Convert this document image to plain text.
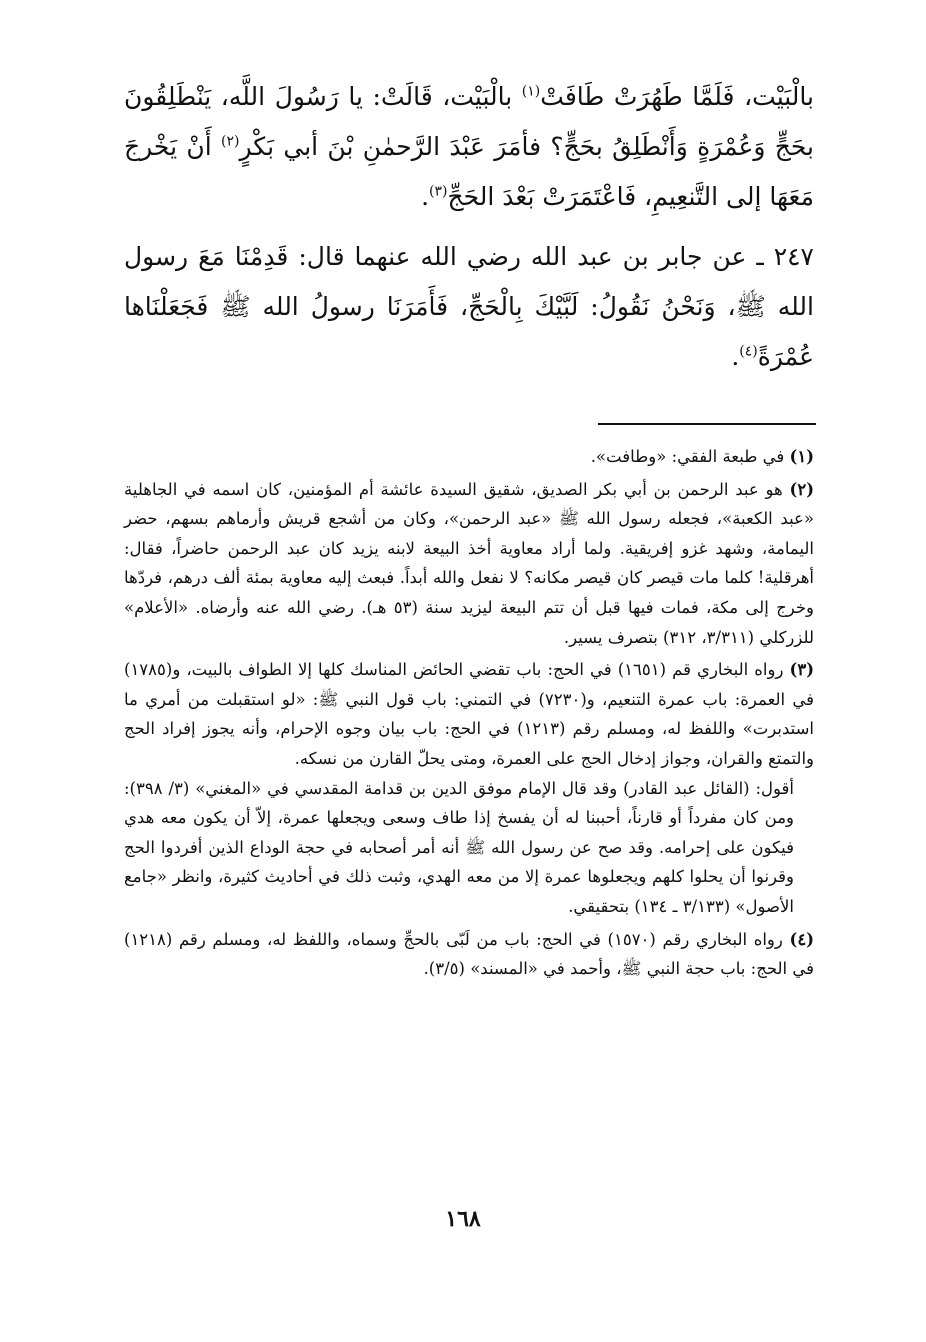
بالْبَيْت، فَلَمَّا طَهُرَتْ طَافَتْ$^{(١)}$ بالْبَيْت، قَالَتْ: يا رَسُولَ اللَّه، يَنْطَلِقُونَ بحَجٍّ وَعُمْرَةٍ وَأَنْطَلِقُ بحَجٍّ؟ فأمَرَ عَبْدَ الرَّحمٰنِ بْنَ أبي بَكْرٍ$^{(٢)}$ أَنْ يَخْرجَ مَعَهَا إلى التَّنعِيمِ، فَاعْتَمَرَتْ بَعْدَ الحَجِّ$^{(٣)}$.

٢٤٧ ـ عن جابر بن عبد الله رضي الله عنهما قال: قَدِمْنَا مَعَ رسول الله ﷺ، وَنَحْنُ نَقُولُ: لَبَّيْكَ بِالْحَجِّ، فَأَمَرَنَا رسولُ الله ﷺ فَجَعَلْنَاها عُمْرَةً$^{(٤)}$.

(١) في طبعة الفقي: «وطافت».

(٢) هو عبد الرحمن بن أبي بكر الصديق، شقيق السيدة عائشة أم المؤمنين، كان اسمه في الجاهلية «عبد الكعبة»، فجعله رسول الله ﷺ «عبد الرحمن»، وكان من أشجع قريش وأرماهم بسهم، حضر اليمامة، وشهد غزو إفريقية. ولما أراد معاوية أخذ البيعة لابنه يزيد كان عبد الرحمن حاضراً، فقال: أهرقلية! كلما مات قيصر كان قيصر مكانه؟ لا نفعل والله أبداً. فبعث إليه معاوية بمئة ألف درهم، فردّها وخرج إلى مكة، فمات فيها قبل أن تتم البيعة ليزيد سنة (٥٣ هـ). رضي الله عنه وأرضاه. «الأعلام» للزركلي (٣/٣١١، ٣١٢) بتصرف يسير.

(٣) رواه البخاري قم (١٦٥١) في الحج: باب تقضي الحائض المناسك كلها إلا الطواف بالبيت، و(١٧٨٥) في العمرة: باب عمرة التنعيم، و(٧٢٣٠) في التمني: باب قول النبي ﷺ: «لو استقبلت من أمري ما استدبرت» واللفظ له، ومسلم رقم (١٢١٣) في الحج: باب بيان وجوه الإحرام، وأنه يجوز إفراد الحج والتمتع والقران، وجواز إدخال الحج على العمرة، ومتى يحلّ القارن من نسكه.
أقول: (القائل عبد القادر) وقد قال الإمام موفق الدين بن قدامة المقدسي في «المغني» (٣/ ٣٩٨): ومن كان مفرداً أو قارناً، أحببنا له أن يفسخ إذا طاف وسعى ويجعلها عمرة، إلاّ أن يكون معه هدي فيكون على إحرامه. وقد صح عن رسول الله ﷺ أنه أمر أصحابه في حجة الوداع الذين أفردوا الحج وقرنوا أن يحلوا كلهم ويجعلوها عمرة إلا من معه الهدي، وثبت ذلك في أحاديث كثيرة، وانظر «جامع الأصول» (٣/١٣٣ ـ ١٣٤) بتحقيقي.

(٤) رواه البخاري رقم (١٥٧٠) في الحج: باب من لَبّى بالحجِّ وسماه، واللفظ له، ومسلم رقم (١٢١٨) في الحج: باب حجة النبي ﷺ، وأحمد في «المسند» (٣/٥).

١٦٨
